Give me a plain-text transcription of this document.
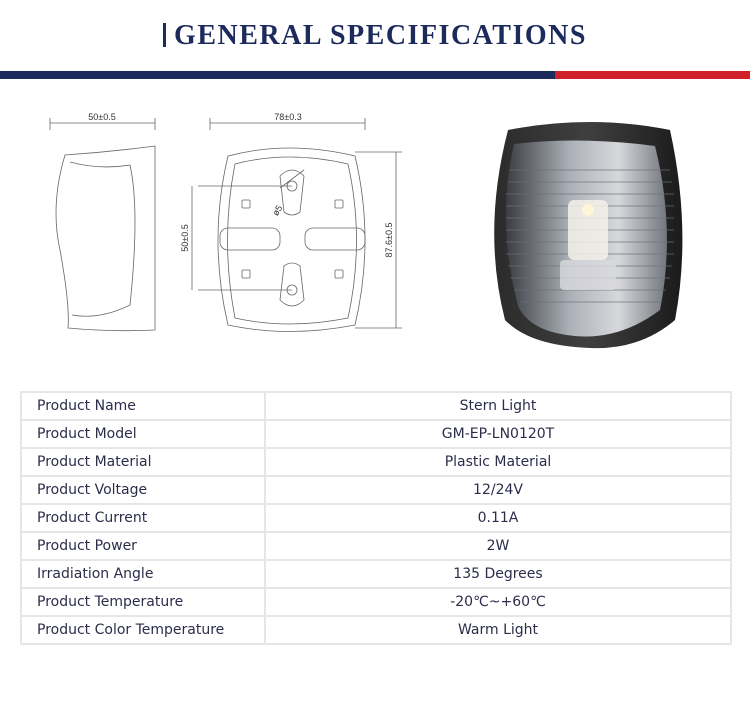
GENERAL SPECIFICATIONS
50±0.5	78±0.3
50±0.5	87.6±0.5
ø5
Product Name	Stern Light
Product Model	GM-EP-LN0120T
Product Material	Plastic Material
Product Voltage	12/24V
Product Current	0.11A
Product Power	2W
Irradiation Angle	135 Degrees
Product Temperature	-20℃~+60℃
Product Color Temperature	Warm Light
